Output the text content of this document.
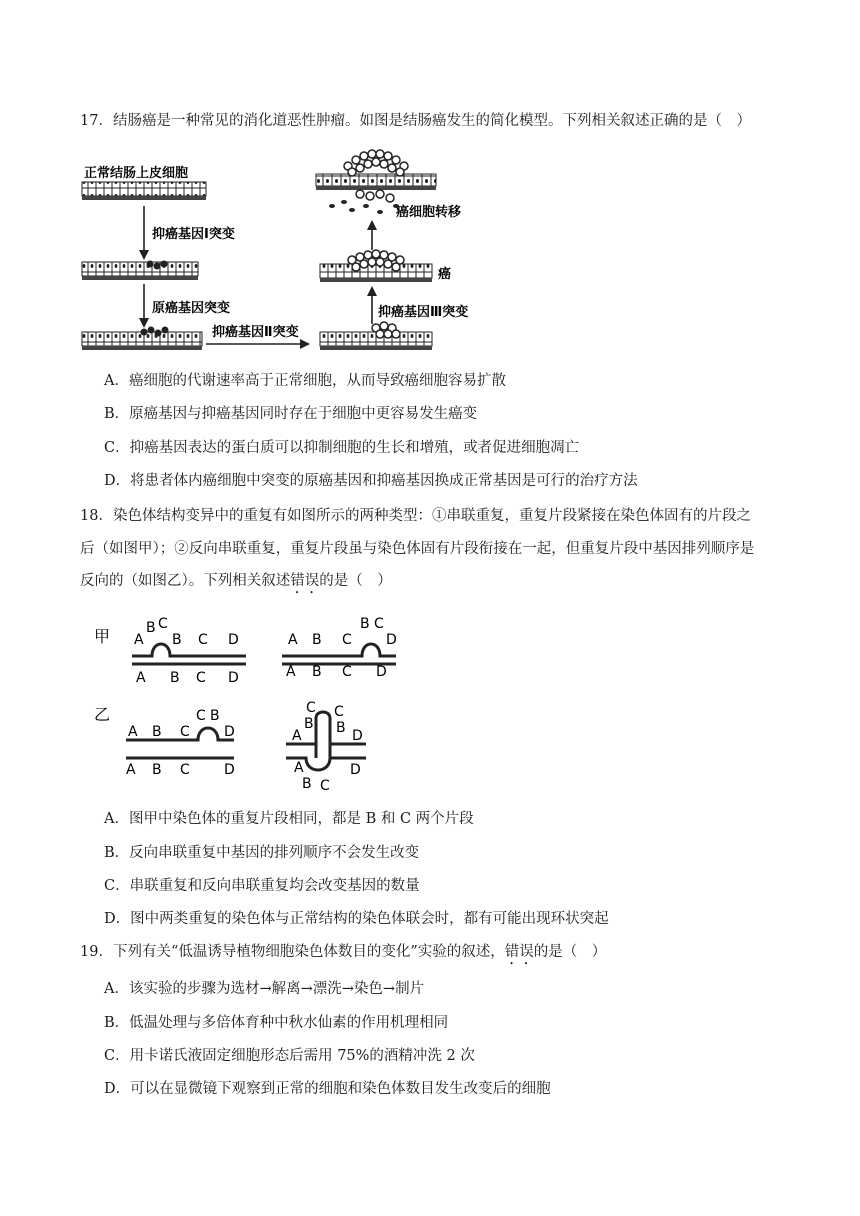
17．结肠癌是一种常见的消化道恶性肿瘤。如图是结肠癌发生的简化模型。下列相关叙述正确的是（　）
正常结肠上皮细胞
抑癌基因Ⅰ突变
原癌基因突变
抑癌基因Ⅱ突变
抑癌基因Ⅲ突变
癌
癌细胞转移
A．癌细胞的代谢速率高于正常细胞，从而导致癌细胞容易扩散
B．原癌基因与抑癌基因同时存在于细胞中更容易发生癌变
C．抑癌基因表达的蛋白质可以抑制细胞的生长和增殖，或者促进细胞凋亡
D．将患者体内癌细胞中突变的原癌基因和抑癌基因换成正常基因是可行的治疗方法
18．染色体结构变异中的重复有如图所示的两种类型：①串联重复，重复片段紧接在染色体固有的片段之
后（如图甲）；②反向串联重复，重复片段虽与染色体固有片段衔接在一起，但重复片段中基因排列顺序是
反向的（如图乙）。下列相关叙述错误的是（　）
甲 A
B C
B C D
A B C D
A B C
B C
D
A B C D
乙
A B C
C B
D
A B C D
C C
B B
A	D
A	D
B C
A．图甲中染色体的重复片段相同，都是 B 和 C 两个片段
B．反向串联重复中基因的排列顺序不会发生改变
C．串联重复和反向串联重复均会改变基因的数量
D．图中两类重复的染色体与正常结构的染色体联会时，都有可能出现环状突起
19．下列有关“低温诱导植物细胞染色体数目的变化”实验的叙述，错误的是（　）
A．该实验的步骤为选材→解离→漂洗→染色→制片
B．低温处理与多倍体育种中秋水仙素的作用机理相同
C．用卡诺氏液固定细胞形态后需用 75%的酒精冲洗 2 次
D．可以在显微镜下观察到正常的细胞和染色体数目发生改变后的细胞
